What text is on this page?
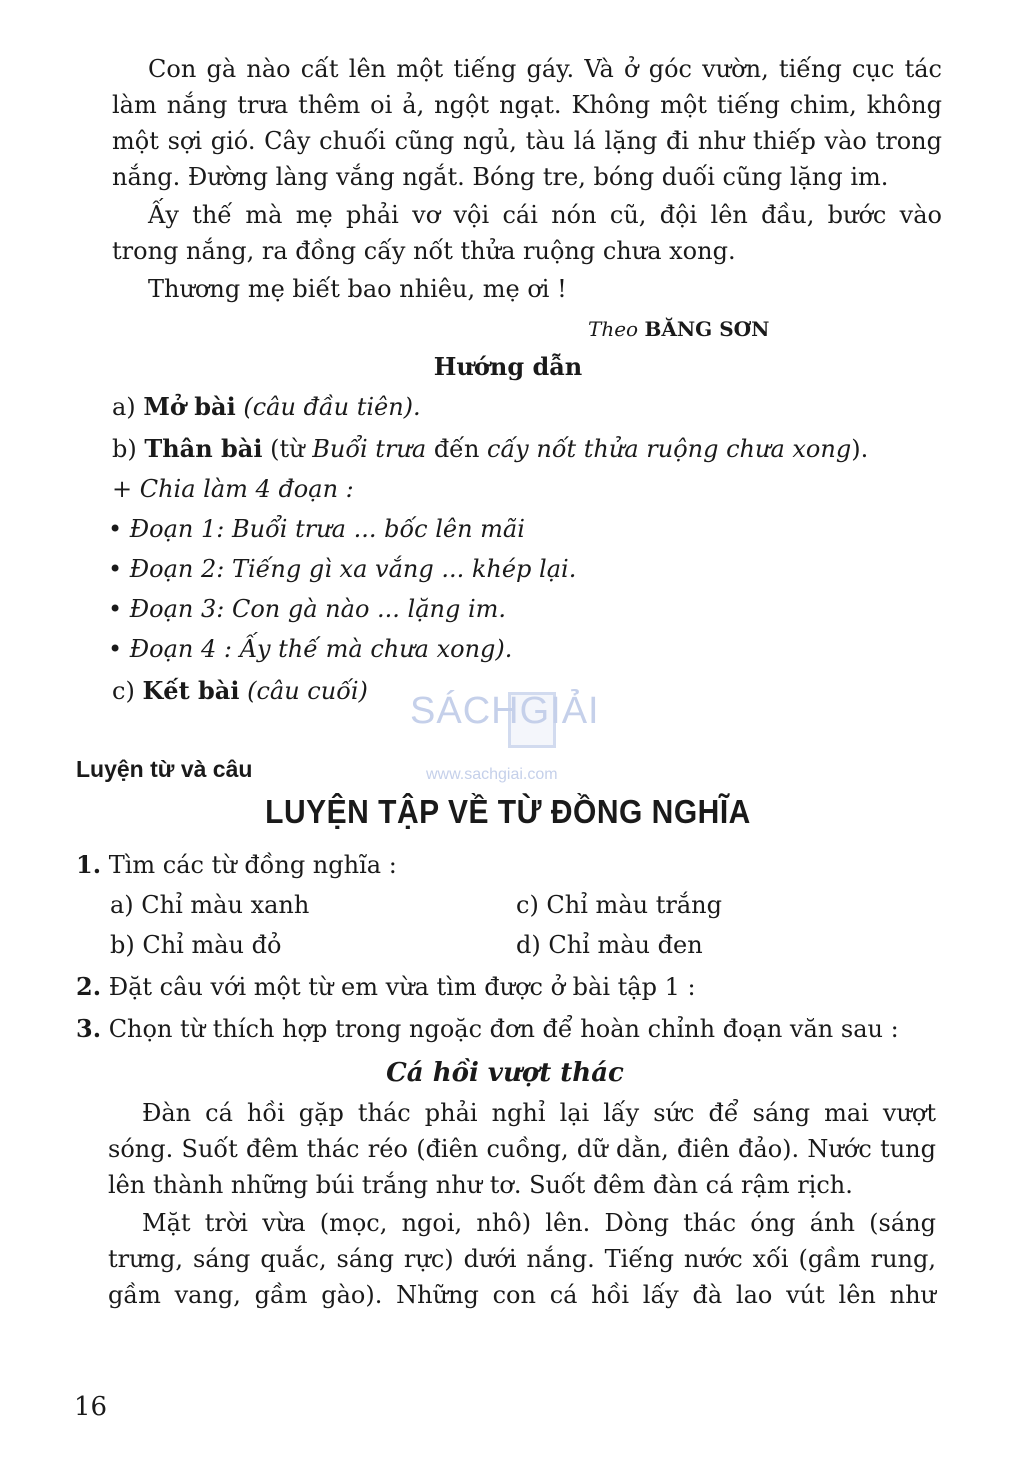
Con gà nào cất lên một tiếng gáy. Và ở góc vườn, tiếng cục tác
làm nắng trưa thêm oi ả, ngột ngạt. Không một tiếng chim, không
một sợi gió. Cây chuối cũng ngủ, tàu lá lặng đi như thiếp vào trong
nắng. Đường làng vắng ngắt. Bóng tre, bóng duối cũng lặng im.
Ấy thế mà mẹ phải vơ vội cái nón cũ, đội lên đầu, bước vào
trong nắng, ra đồng cấy nốt thửa ruộng chưa xong.
Thương mẹ biết bao nhiêu, mẹ ơi !
Theo BĂNG SƠN
Hướng dẫn
a) Mở bài (câu đầu tiên).
b) Thân bài (từ Buổi trưa đến cấy nốt thửa ruộng chưa xong).
+ Chia làm 4 đoạn :
• Đoạn 1: Buổi trưa ... bốc lên mãi
• Đoạn 2: Tiếng gì xa vắng ... khép lại.
• Đoạn 3: Con gà nào ... lặng im.
• Đoạn 4 : Ấy thế mà chưa xong).
c) Kết bài (câu cuối) SÁCHGIẢI
www.sachgiai.com
Luyện từ và câu
LUYỆN TẬP VỀ TỪ ĐỒNG NGHĨA
1. Tìm các từ đồng nghĩa :
a) Chỉ màu xanh	c) Chỉ màu trắng
b) Chỉ màu đỏ	d) Chỉ màu đen
2. Đặt câu với một từ em vừa tìm được ở bài tập 1 :
3. Chọn từ thích hợp trong ngoặc đơn để hoàn chỉnh đoạn văn sau :
Cá hồi vượt thác
Đàn cá hồi gặp thác phải nghỉ lại lấy sức để sáng mai vượt
sóng. Suốt đêm thác réo (điên cuồng, dữ dằn, điên đảo). Nước tung
lên thành những búi trắng như tơ. Suốt đêm đàn cá rậm rịch.
Mặt trời vừa (mọc, ngoi, nhô) lên. Dòng thác óng ánh (sáng
trưng, sáng quắc, sáng rực) dưới nắng. Tiếng nước xối (gầm rung,
gầm vang, gầm gào). Những con cá hồi lấy đà lao vút lên như
16
